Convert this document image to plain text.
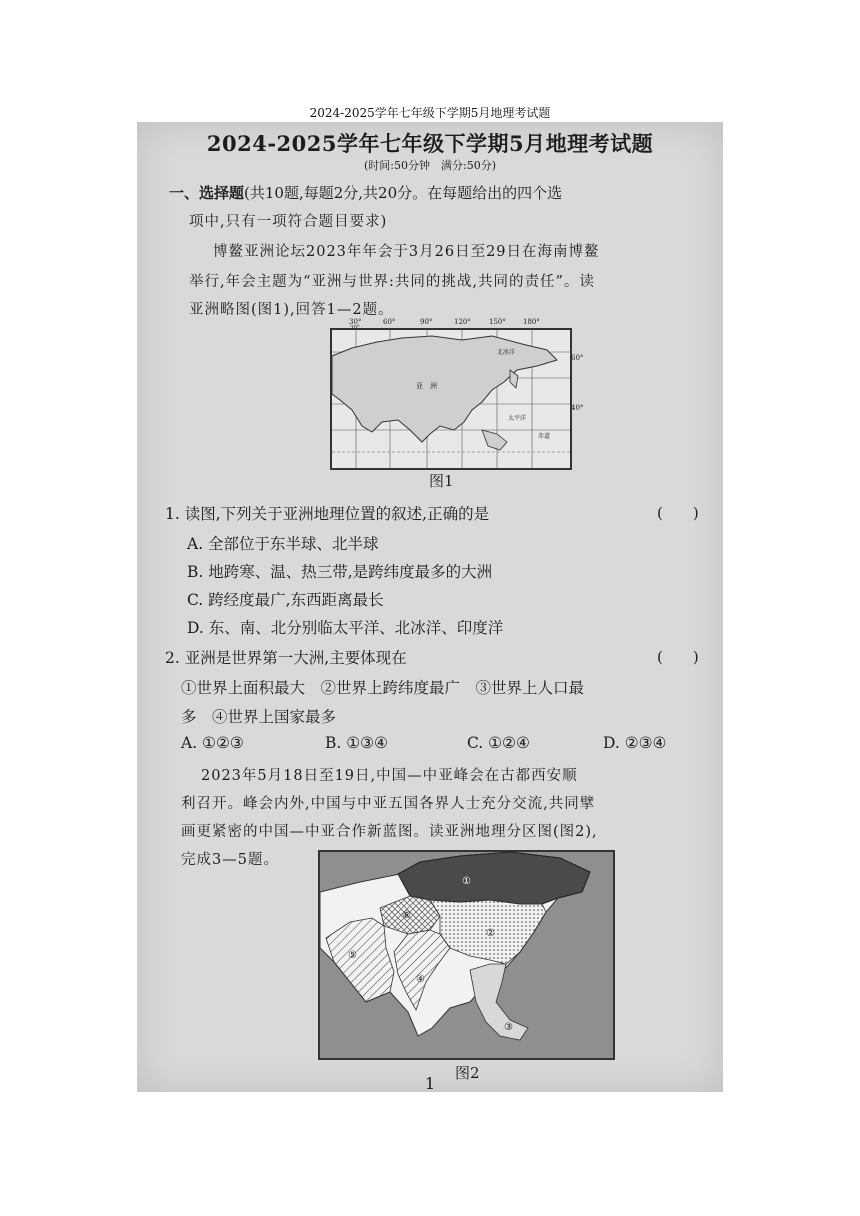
2024-2025学年七年级下学期5月地理考试题
2024-2025学年七年级下学期5月地理考试题
(时间:50分钟　满分:50分)
一、选择题(共10题,每题2分,共20分。在每题给出的四个选
项中,只有一项符合题目要求)
博鳌亚洲论坛2023年年会于3月26日至29日在海南博鳌
举行,年会主题为“亚洲与世界:共同的挑战,共同的责任”。读
亚洲略图(图1),回答1—2题。
亚　洲
北冰洋
太平洋
赤道
30°
30°	60°	90°	120°	150° 180°
60°
40°
图1
1. 读图,下列关于亚洲地理位置的叙述,正确的是	(　　)
A. 全部位于东半球、北半球
B. 地跨寒、温、热三带,是跨纬度最多的大洲
C. 跨经度最广,东西距离最长
D. 东、南、北分别临太平洋、北冰洋、印度洋
2. 亚洲是世界第一大洲,主要体现在	(　　)
①世界上面积最大　②世界上跨纬度最广　③世界上人口最
多　④世界上国家最多
A. ①②③	B. ①③④	C. ①②④	D. ②③④
2023年5月18日至19日,中国—中亚峰会在古都西安顺
利召开。峰会内外,中国与中亚五国各界人士充分交流,共同擘
画更紧密的中国—中亚合作新蓝图。读亚洲地理分区图(图2),
完成3—5题。
①
②
⑤
④
③
⑥
图2
1
